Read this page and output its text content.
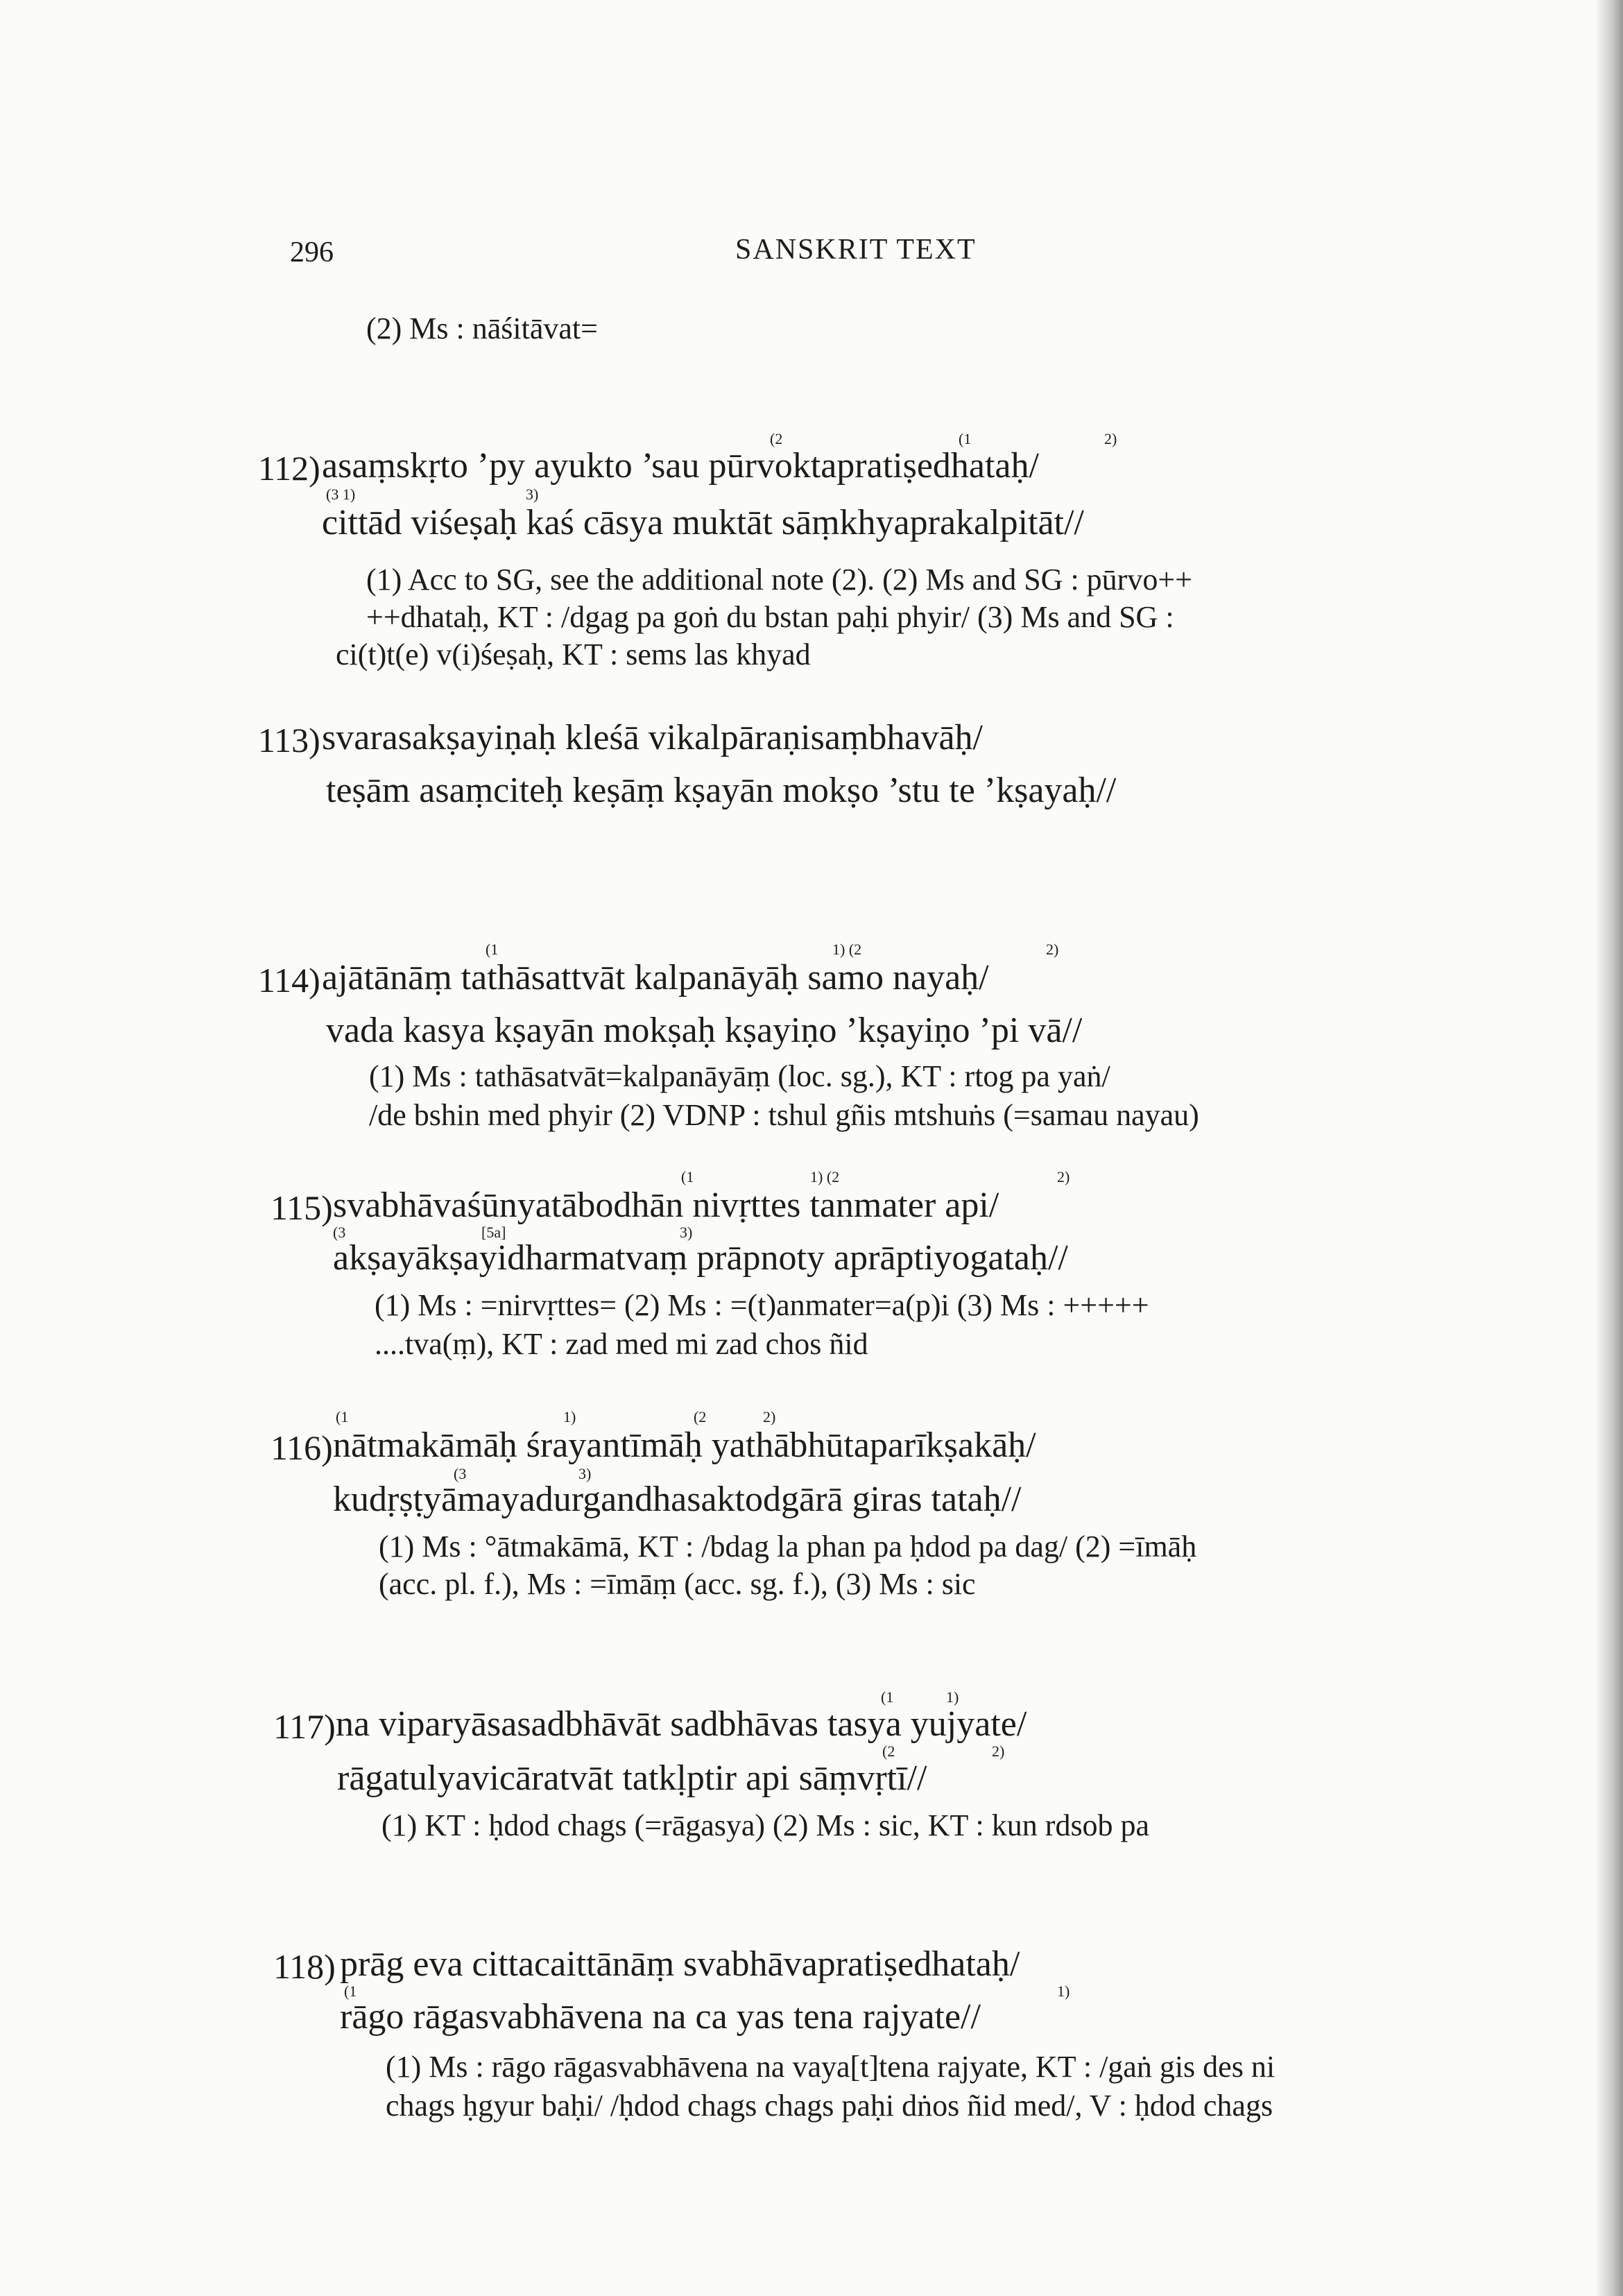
296	SANSKRIT TEXT
(2) Ms : nāśitāvat=
(2	(1	2)
112) asaṃskṛto ’py ayukto ’sau pūrvoktapratiṣedhataḥ/
(3 1)	3)
cittād viśeṣaḥ kaś cāsya muktāt sāṃkhyaprakalpitāt//
(1) Acc to SG, see the additional note (2). (2) Ms and SG : pūrvo++
++dhataḥ, KT : /dgag pa goṅ du bstan paḥi phyir/ (3) Ms and SG :
ci(t)t(e) v(i)śeṣaḥ, KT : sems las khyad
113) svarasakṣayiṇaḥ kleśā vikalpāraṇisaṃbhavāḥ/
teṣām asaṃciteḥ keṣāṃ kṣayān mokṣo ’stu te ’kṣayaḥ//
(1	1) (2	2)
114) ajātānāṃ tathāsattvāt kalpanāyāḥ samo nayaḥ/
vada kasya kṣayān mokṣaḥ kṣayiṇo ’kṣayiṇo ’pi vā//
(1) Ms : tathāsatvāt=kalpanāyāṃ (loc. sg.), KT : rtog pa yaṅ/
/de bshin med phyir (2) VDNP : tshul gñis mtshuṅs (=samau nayau)
(1	1) (2	2)
115) svabhāvaśūnyatābodhān nivṛttes tanmater api/
(3	[5a]	3)
akṣayākṣayidharmatvaṃ prāpnoty aprāptiyogataḥ//
(1) Ms : =nirvṛttes= (2) Ms : =(t)anmater=a(p)i (3) Ms : +++++
....tva(ṃ), KT : zad med mi zad chos ñid
(1	1)	(2	2)
116) nātmakāmāḥ śrayantīmāḥ yathābhūtaparīkṣakāḥ/
(3	3)
kudṛṣṭyāmayadurgandhasaktodgārā giras tataḥ//
(1) Ms : °ātmakāmā, KT : /bdag la phan pa ḥdod pa dag/ (2) =īmāḥ
(acc. pl. f.), Ms : =īmāṃ (acc. sg. f.), (3) Ms : sic
(1	1)
117) na viparyāsasadbhāvāt sadbhāvas tasya yujyate/
(2	2)
rāgatulyavicāratvāt tatkḷptir api sāṃvṛtī//
(1) KT : ḥdod chags (=rāgasya) (2) Ms : sic, KT : kun rdsob pa
118) prāg eva cittacaittānāṃ svabhāvapratiṣedhataḥ/
(1	1)
rāgo rāgasvabhāvena na ca yas tena rajyate//
(1) Ms : rāgo rāgasvabhāvena na vaya[t]tena rajyate, KT : /gaṅ gis des ni
chags ḥgyur baḥi/ /ḥdod chags chags paḥi dṅos ñid med/, V : ḥdod chags
